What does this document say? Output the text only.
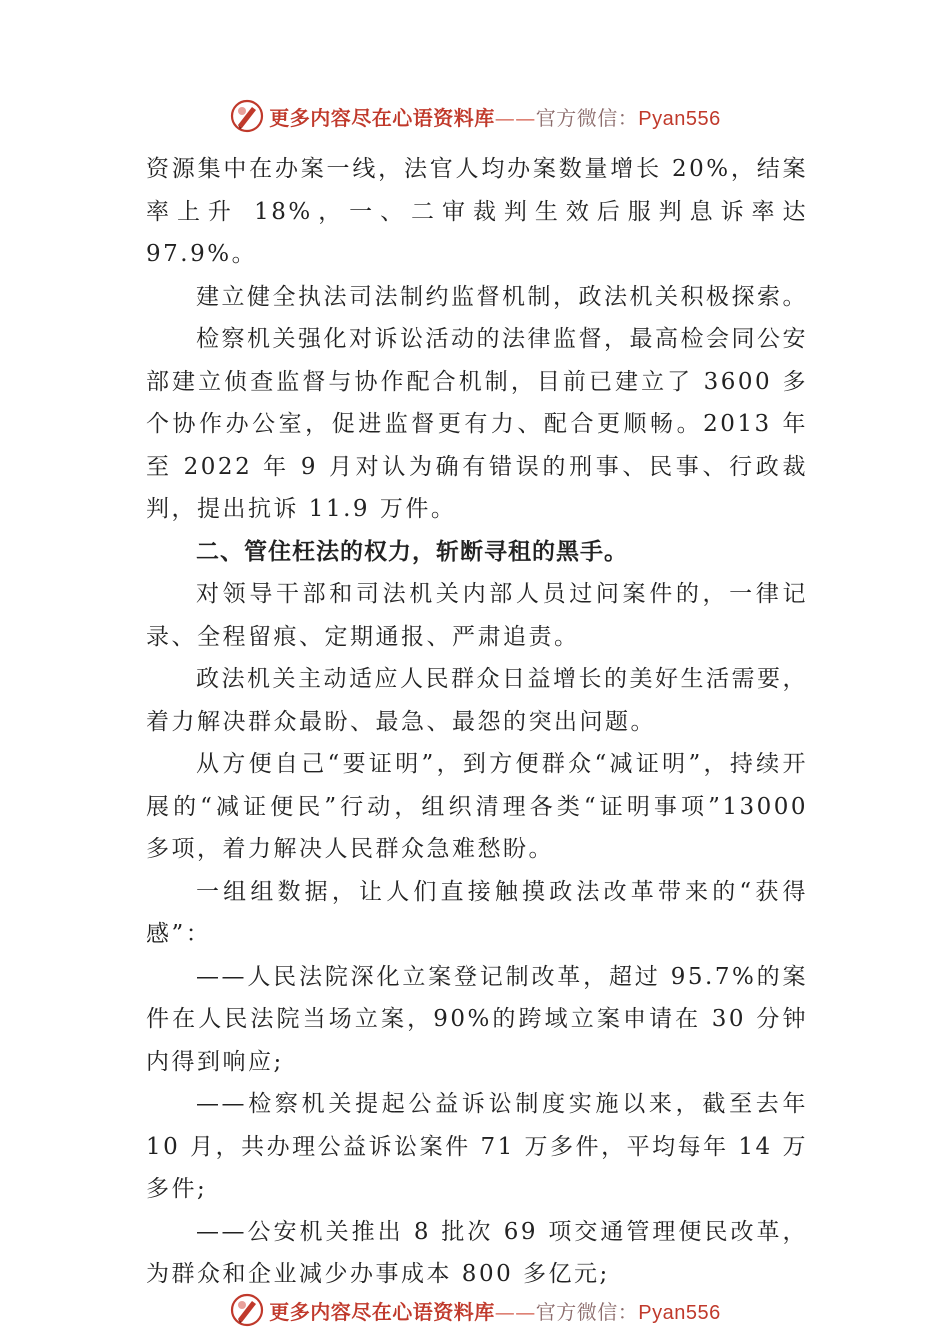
更多内容尽在心语资料库——官方微信：Pyan556

资源集中在办案一线，法官人均办案数量增长 20%，结案率上升 18%，一、二审裁判生效后服判息诉率达 97.9%。

建立健全执法司法制约监督机制，政法机关积极探索。

检察机关强化对诉讼活动的法律监督，最高检会同公安部建立侦查监督与协作配合机制，目前已建立了 3600 多个协作办公室，促进监督更有力、配合更顺畅。2013 年至 2022 年 9 月对认为确有错误的刑事、民事、行政裁判，提出抗诉 11.9 万件。

二、管住枉法的权力，斩断寻租的黑手。

对领导干部和司法机关内部人员过问案件的，一律记录、全程留痕、定期通报、严肃追责。

政法机关主动适应人民群众日益增长的美好生活需要，着力解决群众最盼、最急、最怨的突出问题。

从方便自己“要证明”，到方便群众“减证明”，持续开展的“减证便民”行动，组织清理各类“证明事项”13000 多项，着力解决人民群众急难愁盼。

一组组数据，让人们直接触摸政法改革带来的“获得感”：

——人民法院深化立案登记制改革，超过 95.7%的案件在人民法院当场立案，90%的跨域立案申请在 30 分钟内得到响应;

——检察机关提起公益诉讼制度实施以来，截至去年 10 月，共办理公益诉讼案件 71 万多件，平均每年 14 万多件;

——公安机关推出 8 批次 69 项交通管理便民改革，为群众和企业减少办事成本 800 多亿元;

更多内容尽在心语资料库——官方微信：Pyan556
